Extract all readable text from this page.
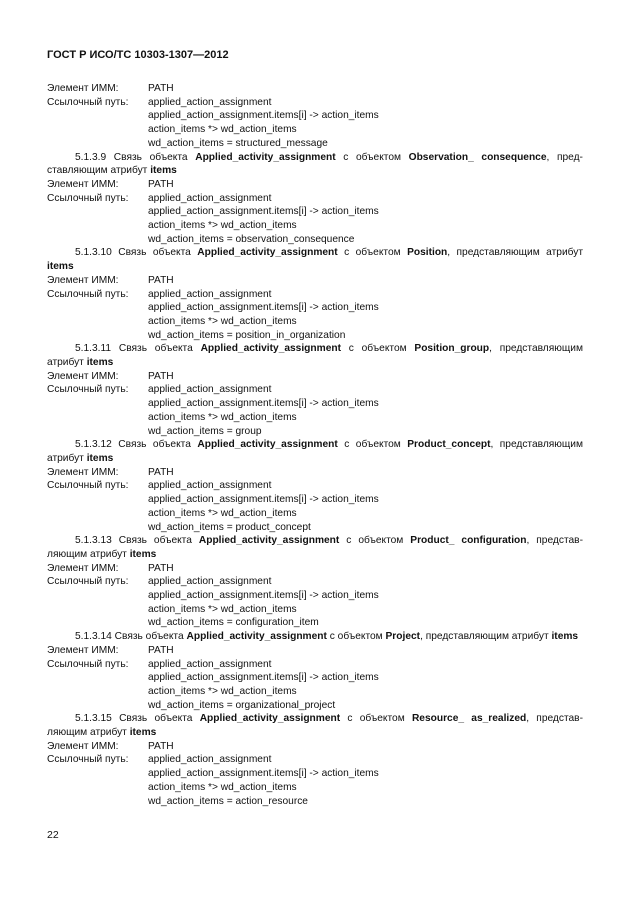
ГОСТ Р ИСО/ТС 10303-1307—2012
Элемент ИММ:	PATH
Ссылочный путь:	applied_action_assignment
applied_action_assignment.items[i] -> action_items
action_items *> wd_action_items
wd_action_items = structured_message
5.1.3.9 Связь объекта Applied_activity_assignment с объектом Observation_ consequence, пред-ставляющим атрибут items
Элемент ИММ:	PATH
Ссылочный путь:	applied_action_assignment
applied_action_assignment.items[i] -> action_items
action_items *> wd_action_items
wd_action_items = observation_consequence
5.1.3.10 Связь объекта Applied_activity_assignment с объектом Position, представляющим атрибут items
Элемент ИММ:	PATH
Ссылочный путь:	applied_action_assignment
applied_action_assignment.items[i] -> action_items
action_items *> wd_action_items
wd_action_items = position_in_organization
5.1.3.11 Связь объекта Applied_activity_assignment с объектом Position_group, представляющим атрибут items
Элемент ИММ:	PATH
Ссылочный путь:	applied_action_assignment
applied_action_assignment.items[i] -> action_items
action_items *> wd_action_items
wd_action_items = group
5.1.3.12 Связь объекта Applied_activity_assignment с объектом Product_concept, представляющим атрибут items
Элемент ИММ:	PATH
Ссылочный путь:	applied_action_assignment
applied_action_assignment.items[i] -> action_items
action_items *> wd_action_items
wd_action_items = product_concept
5.1.3.13 Связь объекта Applied_activity_assignment с объектом Product_ configuration, представ-ляющим атрибут items
Элемент ИММ:	PATH
Ссылочный путь:	applied_action_assignment
applied_action_assignment.items[i] -> action_items
action_items *> wd_action_items
wd_action_items = configuration_item
5.1.3.14 Связь объекта Applied_activity_assignment с объектом Project, представляющим атрибут items
Элемент ИММ:	PATH
Ссылочный путь:	applied_action_assignment
applied_action_assignment.items[i] -> action_items
action_items *> wd_action_items
wd_action_items = organizational_project
5.1.3.15 Связь объекта Applied_activity_assignment с объектом Resource_ as_realized, представ-ляющим атрибут items
Элемент ИММ:	PATH
Ссылочный путь:	applied_action_assignment
applied_action_assignment.items[i] -> action_items
action_items *> wd_action_items
wd_action_items = action_resource
22
